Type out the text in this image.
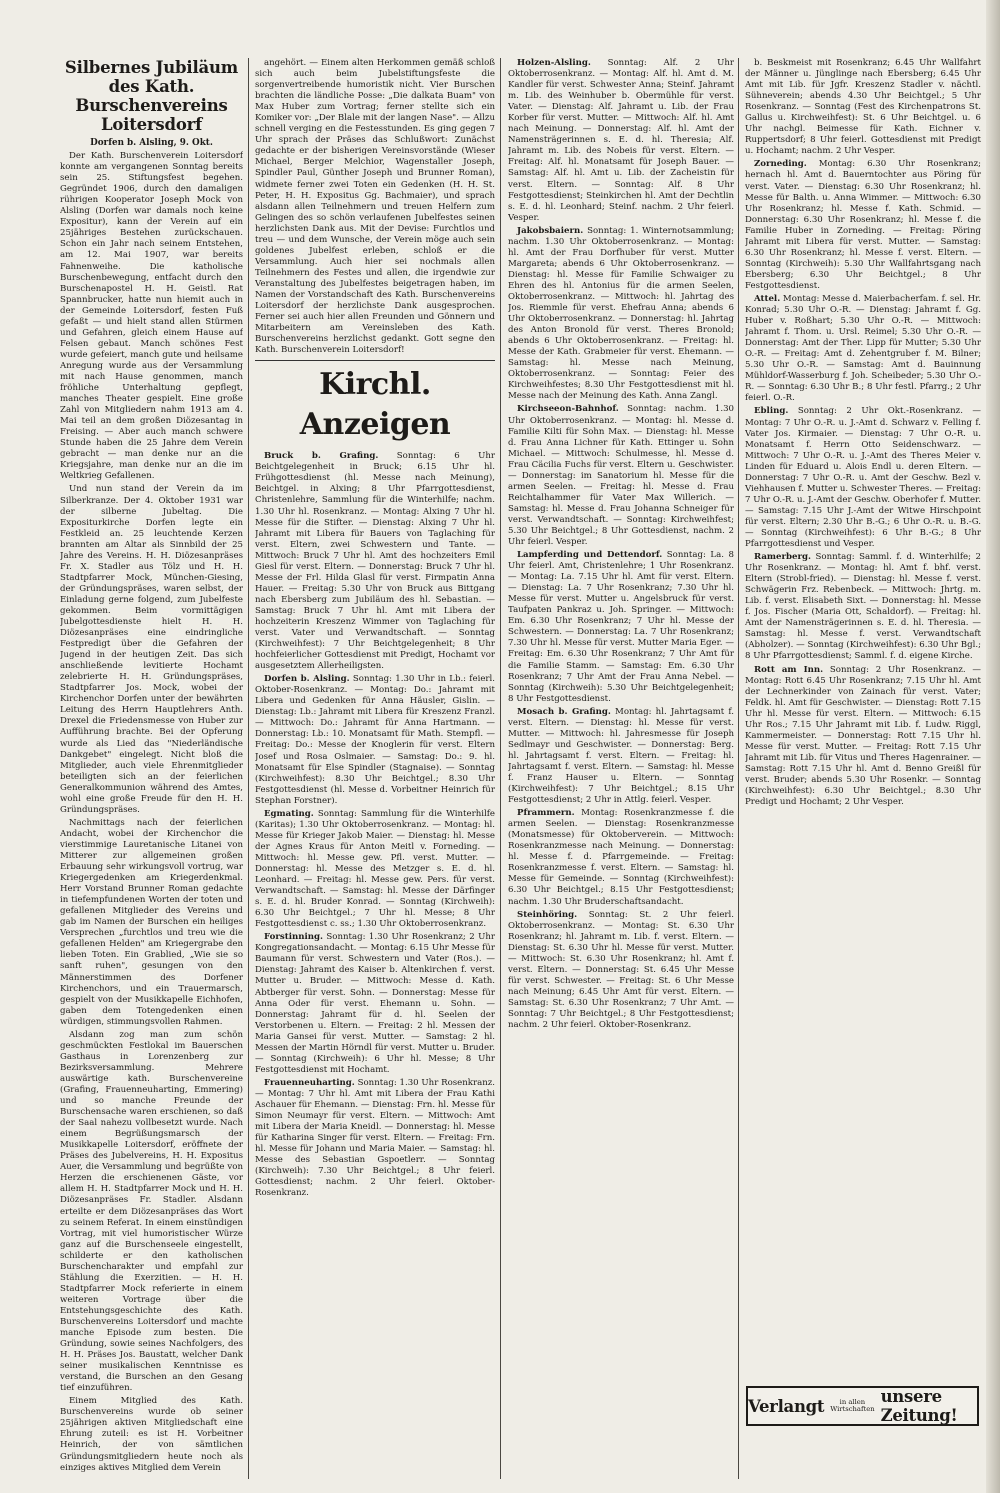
Silbernes Jubiläum des Kath. Burschenvereins Loitersdorf

Dorfen b. Alsling, 9. Okt.

Der Kath. Burschenverein Loitersdorf konnte am vergangenen Sonntag bereits sein 25. Stiftungsfest begehen. Gegründet 1906, durch den damaligen rührigen Kooperator Joseph Mock von Alsling (Dorfen war damals noch keine Expositur), kann der Verein auf ein 25jähriges Bestehen zurückschauen. Schon ein Jahr nach seinem Entstehen, am 12. Mai 1907, war bereits Fahnenweihe. Die katholische Burschenbewegung, entfacht durch den Burschenapostel H. H. Geistl. Rat Spannbrucker, hatte nun hiemit auch in der Gemeinde Loitersdorf, festen Fuß gefaßt — und hielt stand allen Stürmen und Gefahren, gleich einem Hause auf Felsen gebaut. Manch schönes Fest wurde gefeiert, manch gute und heilsame Anregung wurde aus der Versammlung mit nach Hause genommen, manch fröhliche Unterhaltung gepflegt, manches Theater gespielt. Eine große Zahl von Mitgliedern nahm 1913 am 4. Mai teil an dem großen Diözesantag in Freising. — Aber auch manch schwere Stunde haben die 25 Jahre dem Verein gebracht — man denke nur an die Kriegsjahre, man denke nur an die im Weltkrieg Gefallenen.

Und nun stand der Verein da im Silberkranze. Der 4. Oktober 1931 war der silberne Jubeltag. Die Expositurkirche Dorfen legte ein Festkleid an. 25 leuchtende Kerzen brannten am Altar als Sinnbild der 25 Jahre des Vereins. H. H. Diözesanpräses Fr. X. Stadler aus Tölz und H. H. Stadtpfarrer Mock, München-Giesing, der Gründungspräses, waren selbst, der Einladung gerne folgend, zum Jubelfeste gekommen. Beim vormittägigen Jubelgottesdienste hielt H. H. Diözesanpräses eine eindringliche Festpredigt über die Gefahren der Jugend in der heutigen Zeit. Das sich anschließende levitierte Hochamt zelebrierte H. H. Gründungspräses, Stadtpfarrer Jos. Mock, wobei der Kirchenchor Dorfen unter der bewährten Leitung des Herrn Hauptlehrers Anth. Drexel die Friedensmesse von Huber zur Aufführung brachte. Bei der Opferung wurde als Lied das "Niederländische Dankgebet" eingelegt. Nicht bloß die Mitglieder, auch viele Ehrenmitglieder beteiligten sich an der feierlichen Generalkommunion während des Amtes, wohl eine große Freude für den H. H. Gründungspräses.

Nachmittags nach der feierlichen Andacht, wobei der Kirchenchor die vierstimmige Lauretanische Litanei von Mitterer zur allgemeinen großen Erbauung sehr wirkungsvoll vortrug, war Kriegergedenken am Kriegerdenkmal. Herr Vorstand Brunner Roman gedachte in tiefempfundenen Worten der toten und gefallenen Mitglieder des Vereins und gab im Namen der Burschen ein heiliges Versprechen „furchtlos und treu wie die gefallenen Helden" am Kriegergrabe den lieben Toten. Ein Grablied, „Wie sie so sanft ruhen", gesungen von den Männerstimmen des Dorfener Kirchenchors, und ein Trauermarsch, gespielt von der Musikkapelle Eichhofen, gaben dem Totengedenken einen würdigen, stimmungsvollen Rahmen.

Alsdann zog man zum schön geschmückten Festlokal im Bauerschen Gasthaus in Lorenzenberg zur Bezirksversammlung. Mehrere auswärtige kath. Burschenvereine (Grafing, Frauenneuharting, Emmering) und so manche Freunde der Burschensache waren erschienen, so daß der Saal nahezu vollbesetzt wurde. Nach einem Begrüßungsmarsch der Musikkapelle Loitersdorf, eröffnete der Präses des Jubelvereins, H. H. Expositus Auer, die Versammlung und begrüßte von Herzen die erschienenen Gäste, vor allem H. H. Stadtpfarrer Mock und H. H. Diözesanpräses Fr. Stadler. Alsdann erteilte er dem Diözesanpräses das Wort zu seinem Referat. In einem einstündigen Vortrag, mit viel humoristischer Würze ganz auf die Burschenseele eingestellt, schilderte er den katholischen Burschencharakter und empfahl zur Stählung die Exerzitien. — H. H. Stadtpfarrer Mock referierte in einem weiteren Vortrage über die Entstehungsgeschichte des Kath. Burschenvereins Loitersdorf und machte manche Episode zum besten. Die Gründung, sowie seines Nachfolgers, des H. H. Präses Jos. Baustatt, welcher Dank seiner musikalischen Kenntnisse es verstand, die Burschen an den Gesang tief einzuführen.

Einem Mitglied des Kath. Burschenvereins wurde ob seiner 25jährigen aktiven Mitgliedschaft eine Ehrung zuteil: es ist H. Vorbeitner Heinrich, der von sämtlichen Gründungsmitgliedern heute noch als einziges aktives Mitglied dem Verein

angehört. — Einem alten Herkommen gemäß schloß sich auch beim Jubelstiftungsfeste die sorgenvertreibende humoristik nicht. Vier Burschen brachten die ländliche Posse: „Die dalkata Buam" von Max Huber zum Vortrag; ferner stellte sich ein Komiker vor: „Der Blale mit der langen Nase". — Allzu schnell verging en die Festesstunden. Es ging gegen 7 Uhr sprach der Präses das Schlußwort: Zunächst gedachte er der bisherigen Vereinsvorstände (Wieser Michael, Berger Melchior, Wagenstaller Joseph, Spindler Paul, Günther Joseph und Brunner Roman), widmete ferner zwei Toten ein Gedenken (H. H. St. Peter, H. H. Expositus Gg. Bachmaier), und sprach alsdann allen Teilnehmern und treuen Helfern zum Gelingen des so schön verlaufenen Jubelfestes seinen herzlichsten Dank aus. Mit der Devise: Furchtlos und treu — und dem Wunsche, der Verein möge auch sein goldenes Jubelfest erleben, schloß er die Versammlung. Auch hier sei nochmals allen Teilnehmern des Festes und allen, die irgendwie zur Veranstaltung des Jubelfestes beigetragen haben, im Namen der Vorstandschaft des Kath. Burschenvereins Loitersdorf der herzlichste Dank ausgesprochen. Ferner sei auch hier allen Freunden und Gönnern und Mitarbeitern am Vereinsleben des Kath. Burschenvereins herzlichst gedankt. Gott segne den Kath. Burschenverein Loitersdorf!

Kirchl. Anzeigen

Bruck b. Grafing. Sonntag: 6 Uhr Beichtgelegenheit in Bruck; 6.15 Uhr hl. Frühgottesdienst (hl. Messe nach Meinung), Beichtgel. in Alxing; 8 Uhr Pfarrgottesdienst, Christenlehre, Sammlung für die Winterhilfe; nachm. 1.30 Uhr hl. Rosenkranz. — Montag: Alxing 7 Uhr hl. Messe für die Stifter. — Dienstag: Alxing 7 Uhr hl. Jahramt mit Libera für Bauers von Taglaching für verst. Eltern, zwei Schwestern und Tante. — Mittwoch: Bruck 7 Uhr hl. Amt des hochzeiters Emil Giesl für verst. Eltern. — Donnerstag: Bruck 7 Uhr hl. Messe der Frl. Hilda Glasl für verst. Firmpatin Anna Hauer. — Freitag: 5.30 Uhr von Bruck aus Bittgang nach Ebersberg zum Jubiläum des hl. Sebastian. — Samstag: Bruck 7 Uhr hl. Amt mit Libera der hochzeiterin Kreszenz Wimmer von Taglaching für verst. Vater und Verwandtschaft. — Sonntag (Kirchweihfest): 7 Uhr Beichtgelegenheit; 8 Uhr hochfeierlicher Gottesdienst mit Predigt, Hochamt vor ausgesetztem Allerheiligsten.

Dorfen b. Alsling. Sonntag: 1.30 Uhr in Lb.: feierl. Oktober-Rosenkranz. — Montag: Do.: Jahramt mit Libera und Gedenken für Anna Häusler, Gislin. — Dienstag: Lb.: Jahramt mit Libera für Kreszenz Franzl. — Mittwoch: Do.: Jahramt für Anna Hartmann. — Donnerstag: Lb.: 10. Monatsamt für Math. Stempfl. — Freitag: Do.: Messe der Knoglerin für verst. Eltern Josef und Rosa Oslmaier. — Samstag: Do.: 9. hl. Monatsamt für Else Spindler (Stagnaise). — Sonntag (Kirchweihfest): 8.30 Uhr Beichtgel.; 8.30 Uhr Festgottesdienst (hl. Messe d. Vorbeitner Heinrich für Stephan Forstner).

Egmating. Sonntag: Sammlung für die Winterhilfe (Karitas); 1.30 Uhr Oktoberrosenkranz. — Montag: hl. Messe für Krieger Jakob Maier. — Dienstag: hl. Messe der Agnes Kraus für Anton Meitl v. Forneding. — Mittwoch: hl. Messe gew. Pfl. verst. Mutter. — Donnerstag: hl. Messe des Metzger s. E. d. hl. Leonhard. — Freitag: hl. Messe gew. Pers. für verst. Verwandtschaft. — Samstag: hl. Messe der Därfinger s. E. d. hl. Bruder Konrad. — Sonntag (Kirchweih): 6.30 Uhr Beichtgel.; 7 Uhr hl. Messe; 8 Uhr Festgottesdienst c. ss.; 1.30 Uhr Oktoberrosenkranz.

Forstinning. Sonntag: 1.30 Uhr Rosenkranz; 2 Uhr Kongregationsandacht. — Montag: 6.15 Uhr Messe für Baumann für verst. Schwestern und Vater (Ros.). — Dienstag: Jahramt des Kaiser b. Altenkirchen f. verst. Mutter u. Bruder. — Mittwoch: Messe d. Kath. Abtberger für verst. Sohn. — Donnerstag: Messe für Anna Oder für verst. Ehemann u. Sohn. — Donnerstag: Jahramt für d. hl. Seelen der Verstorbenen u. Eltern. — Freitag: 2 hl. Messen der Maria Gansei für verst. Mutter. — Samstag: 2 hl. Messen der Martin Hörndl für verst. Mutter u. Bruder. — Sonntag (Kirchweih): 6 Uhr hl. Messe; 8 Uhr Festgottesdienst mit Hochamt.

Frauenneuharting. Sonntag: 1.30 Uhr Rosenkranz. — Montag: 7 Uhr hl. Amt mit Libera der Frau Kathi Aschauer für Ehemann. — Dienstag: Frn. hl. Messe für Simon Neumayr für verst. Eltern. — Mittwoch: Amt mit Libera der Maria Kneidl. — Donnerstag: hl. Messe für Katharina Singer für verst. Eltern. — Freitag: Frn. hl. Messe für Johann und Maria Maier. — Samstag: hl. Messe des Sebastian Gspoetlerr. — Sonntag (Kirchweih): 7.30 Uhr Beichtgel.; 8 Uhr feierl. Gottesdienst; nachm. 2 Uhr feierl. Oktober-Rosenkranz.

Holzen-Alsling. Sonntag: Alf. 2 Uhr Oktoberrosenkranz. — Montag: Alf. hl. Amt d. M. Kandler für verst. Schwester Anna; Steinf. Jahramt m. Lib. des Weinhuber b. Obermühle für verst. Vater. — Dienstag: Alf. Jahramt u. Lib. der Frau Korber für verst. Mutter. — Mittwoch: Alf. hl. Amt nach Meinung. — Donnerstag: Alf. hl. Amt der Namensträgerinnen s. E. d. hl. Theresia; Alf. Jahramt m. Lib. des Nobeis für verst. Eltern. — Freitag: Alf. hl. Monatsamt für Joseph Bauer. — Samstag: Alf. hl. Amt u. Lib. der Zacheistin für verst. Eltern. — Sonntag: Alf. 8 Uhr Festgottesdienst; Steinkirchen hl. Amt der Dechtlin s. E. d. hl. Leonhard; Steinf. nachm. 2 Uhr feierl. Vesper.

Jakobsbaiern. Sonntag: 1. Winternotsammlung; nachm. 1.30 Uhr Oktoberrosenkranz. — Montag: hl. Amt der Frau Dorfhuber für verst. Mutter Margareta; abends 6 Uhr Oktoberrosenkranz. — Dienstag: hl. Messe für Familie Schwaiger zu Ehren des hl. Antonius für die armen Seelen, Oktoberrosenkranz. — Mittwoch: hl. Jahrtag des Jos. Riemmle für verst. Ehefrau Anna; abends 6 Uhr Oktoberrosenkranz. — Donnerstag: hl. Jahrtag des Anton Bronold für verst. Theres Bronold; abends 6 Uhr Oktoberrosenkranz. — Freitag: hl. Messe der Kath. Grabmeier für verst. Ehemann. — Samstag: hl. Messe nach Meinung, Oktoberrosenkranz. — Sonntag: Feier des Kirchweihfestes; 8.30 Uhr Festgottesdienst mit hl. Messe nach der Meinung des Kath. Anna Zangl.

Kirchseeon-Bahnhof. Sonntag: nachm. 1.30 Uhr Oktoberrosenkranz. — Montag: hl. Messe d. Familie Kilti für Sohn Max. — Dienstag: hl. Messe d. Frau Anna Lichner für Kath. Ettinger u. Sohn Michael. — Mittwoch: Schulmesse, hl. Messe d. Frau Cäcilia Fuchs für verst. Eltern u. Geschwister. — Donnerstag: im Sanatorium hl. Messe für die armen Seelen. — Freitag: hl. Messe d. Frau Reichtalhammer für Vater Max Willerich. — Samstag: hl. Messe d. Frau Johanna Schneiger für verst. Verwandtschaft. — Sonntag: Kirchweihfest; 5.30 Uhr Beichtgel.; 8 Uhr Gottesdienst, nachm. 2 Uhr feierl. Vesper.

Lampferding und Dettendorf. Sonntag: La. 8 Uhr feierl. Amt, Christenlehre; 1 Uhr Rosenkranz. — Montag: La. 7.15 Uhr hl. Amt für verst. Eltern. — Dienstag: La. 7 Uhr Rosenkranz; 7.30 Uhr hl. Messe für verst. Mutter u. Angelsbruck für verst. Taufpaten Pankraz u. Joh. Springer. — Mittwoch: Em. 6.30 Uhr Rosenkranz; 7 Uhr hl. Messe der Schwestern. — Donnerstag: La. 7 Uhr Rosenkranz; 7.30 Uhr hl. Messe für verst. Mutter Maria Eger. — Freitag: Em. 6.30 Uhr Rosenkranz; 7 Uhr Amt für die Familie Stamm. — Samstag: Em. 6.30 Uhr Rosenkranz; 7 Uhr Amt der Frau Anna Nebel. — Sonntag (Kirchweih): 5.30 Uhr Beichtgelegenheit; 8 Uhr Festgottesdienst.

Mosach b. Grafing. Montag: hl. Jahrtagsamt f. verst. Eltern. — Dienstag: hl. Messe für verst. Mutter. — Mittwoch: hl. Jahresmesse für Joseph Sedlmayr und Geschwister. — Donnerstag: Berg. hl. Jahrtagsamt f. verst. Eltern. — Freitag: hl. Jahrtagsamt f. verst. Eltern. — Samstag: hl. Messe f. Franz Hauser u. Eltern. — Sonntag (Kirchweihfest): 7 Uhr Beichtgel.; 8.15 Uhr Festgottesdienst; 2 Uhr in Attlg. feierl. Vesper.

Pframmern. Montag: Rosenkranzmesse f. die armen Seelen. — Dienstag: Rosenkranzmesse (Monatsmesse) für Oktoberverein. — Mittwoch: Rosenkranzmesse nach Meinung. — Donnerstag: hl. Messe f. d. Pfarrgemeinde. — Freitag: Rosenkranzmesse f. verst. Eltern. — Samstag: hl. Messe für Gemeinde. — Sonntag (Kirchweihfest): 6.30 Uhr Beichtgel.; 8.15 Uhr Festgottesdienst; nachm. 1.30 Uhr Bruderschaftsandacht.

Steinhöring. Sonntag: St. 2 Uhr feierl. Oktoberrosenkranz. — Montag: St. 6.30 Uhr Rosenkranz; hl. Jahramt m. Lib. f. verst. Eltern. — Dienstag: St. 6.30 Uhr hl. Messe für verst. Mutter. — Mittwoch: St. 6.30 Uhr Rosenkranz; hl. Amt f. verst. Eltern. — Donnerstag: St. 6.45 Uhr Messe für verst. Schwester. — Freitag: St. 6 Uhr Messe nach Meinung; 6.45 Uhr Amt für verst. Eltern. — Samstag: St. 6.30 Uhr Rosenkranz; 7 Uhr Amt. — Sonntag: 7 Uhr Beichtgel.; 8 Uhr Festgottesdienst; nachm. 2 Uhr feierl. Oktober-Rosenkranz.

b. Beskmeist mit Rosenkranz; 6.45 Uhr Wallfahrt der Männer u. Jünglinge nach Ebersberg; 6.45 Uhr Amt mit Lib. für Jgfr. Kreszenz Stadler v. nächtl. Sühneverein; abends 4.30 Uhr Beichtgel.; 5 Uhr Rosenkranz. — Sonntag (Fest des Kirchenpatrons St. Gallus u. Kirchweihfest): St. 6 Uhr Beichtgel. u. 6 Uhr nachgl. Beimesse für Kath. Eichner v. Ruppertsdorf; 8 Uhr feierl. Gottesdienst mit Predigt u. Hochamt; nachm. 2 Uhr Vesper.

Zorneding. Montag: 6.30 Uhr Rosenkranz; hernach hl. Amt d. Bauerntochter aus Pöring für verst. Vater. — Dienstag: 6.30 Uhr Rosenkranz; hl. Messe für Balth. u. Anna Wimmer. — Mittwoch: 6.30 Uhr Rosenkranz; hl. Messe f. Kath. Schmid. — Donnerstag: 6.30 Uhr Rosenkranz; hl. Messe f. die Familie Huber in Zorneding. — Freitag: Pöring Jahramt mit Libera für verst. Mutter. — Samstag: 6.30 Uhr Rosenkranz; hl. Messe f. verst. Eltern. — Sonntag (Kirchweih): 5.30 Uhr Wallfahrtsgang nach Ebersberg; 6.30 Uhr Beichtgel.; 8 Uhr Festgottesdienst.

Attel. Montag: Messe d. Maierbacherfam. f. sel. Hr. Konrad; 5.30 Uhr O.-R. — Dienstag: Jahramt f. Gg. Huber v. Roßhart; 5.30 Uhr O.-R. — Mittwoch: Jahramt f. Thom. u. Ursl. Reimel; 5.30 Uhr O.-R. — Donnerstag: Amt der Ther. Lipp für Mutter; 5.30 Uhr O.-R. — Freitag: Amt d. Zehentgruber f. M. Bilner; 5.30 Uhr O.-R. — Samstag: Amt d. Bauinnung Mühldorf-Wasserburg f. Joh. Scheibeder; 5.30 Uhr O.-R. — Sonntag: 6.30 Uhr B.; 8 Uhr festl. Pfarrg.; 2 Uhr feierl. O.-R.

Ebling. Sonntag: 2 Uhr Okt.-Rosenkranz. — Montag: 7 Uhr O.-R. u. J.-Amt d. Schwarz v. Felling f. Vater Jos. Kirmaier. — Dienstag: 7 Uhr O.-R. u. Monatsamt f. Herrn Otto Seidenschwarz. — Mittwoch: 7 Uhr O.-R. u. J.-Amt des Theres Meier v. Linden für Eduard u. Alois Endl u. deren Eltern. — Donnerstag: 7 Uhr O.-R. u. Amt der Geschw. Bezl v. Viehhausen f. Mutter u. Schwester Theres. — Freitag: 7 Uhr O.-R. u. J.-Amt der Geschw. Oberhofer f. Mutter. — Samstag: 7.15 Uhr J.-Amt der Witwe Hirschpoint für verst. Eltern; 2.30 Uhr B.-G.; 6 Uhr O.-R. u. B.-G. — Sonntag (Kirchweihfest): 6 Uhr B.-G.; 8 Uhr Pfarrgottesdienst und Vesper.

Ramerberg. Sonntag: Samml. f. d. Winterhilfe; 2 Uhr Rosenkranz. — Montag: hl. Amt f. bhf. verst. Eltern (Strobl-fried). — Dienstag: hl. Messe f. verst. Schwägerin Frz. Rebenbeck. — Mittwoch: Jhrtg. m. Lib. f. verst. Elisabeth Sixt. — Donnerstag: hl. Messe f. Jos. Fischer (Maria Ott, Schaldorf). — Freitag: hl. Amt der Namensträgerinnen s. E. d. hl. Theresia. — Samstag: hl. Messe f. verst. Verwandtschaft (Abholzer). — Sonntag (Kirchweihfest): 6.30 Uhr Bgl.; 8 Uhr Pfarrgottesdienst; Samml. f. d. eigene Kirche.

Rott am Inn. Sonntag: 2 Uhr Rosenkranz. — Montag: Rott 6.45 Uhr Rosenkranz; 7.15 Uhr hl. Amt der Lechnerkinder von Zainach für verst. Vater; Feldk. hl. Amt für Geschwister. — Dienstag: Rott 7.15 Uhr hl. Messe für verst. Eltern. — Mittwoch: 6.15 Uhr Ros.; 7.15 Uhr Jahramt mit Lib. f. Ludw. Riggl, Kammermeister. — Donnerstag: Rott 7.15 Uhr hl. Messe für verst. Mutter. — Freitag: Rott 7.15 Uhr Jahramt mit Lib. für Vitus und Theres Hagenrainer. — Samstag: Rott 7.15 Uhr hl. Amt d. Benno Greißl für verst. Bruder; abends 5.30 Uhr Rosenkr. — Sonntag (Kirchweihfest): 6.30 Uhr Beichtgel.; 8.30 Uhr Predigt und Hochamt; 2 Uhr Vesper.

Verlangt	in allen
Wirtschaften
unsere Zeitung!
